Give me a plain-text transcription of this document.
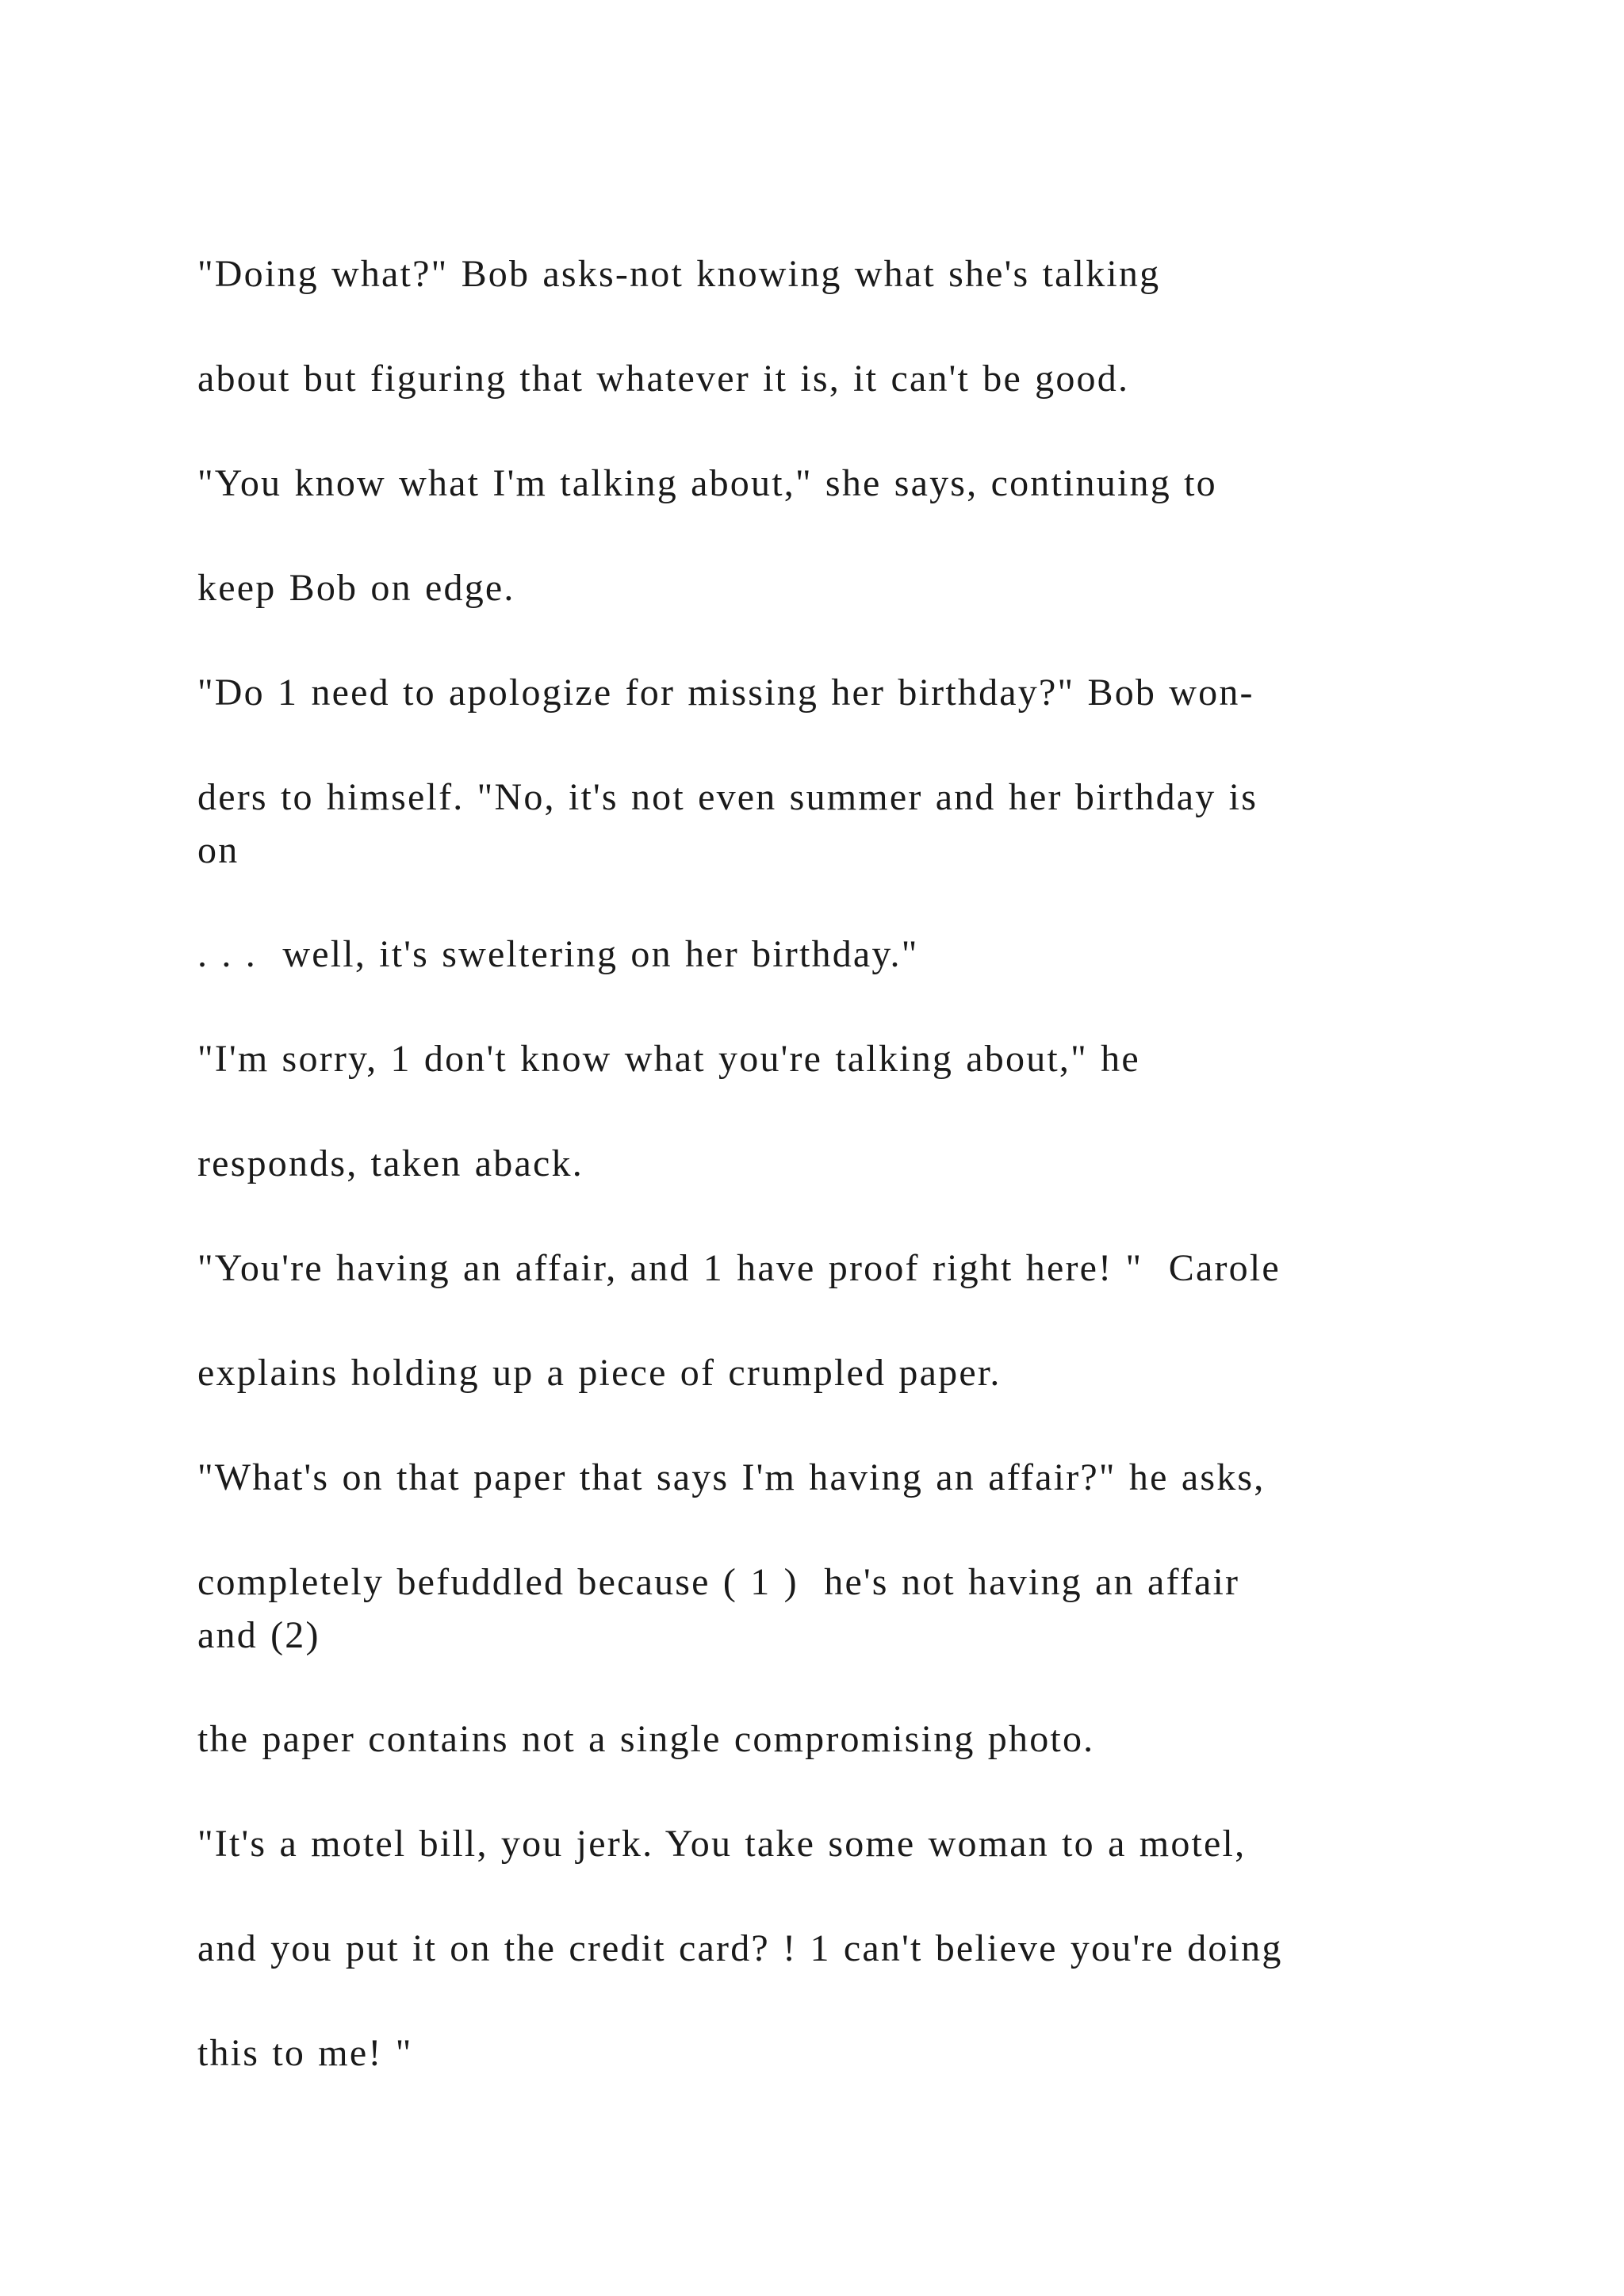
"Doing what?" Bob asks-not knowing what she's talking

about but figuring that whatever it is, it can't be good.

"You know what I'm talking about," she says, continuing to

keep Bob on edge.

"Do 1 need to apologize for missing her birthday?" Bob won-

ders to himself. "No, it's not even summer and her birthday is

on

. . .  well, it's sweltering on her birthday."

"I'm sorry, 1 don't know what you're talking about," he

responds, taken aback.

"You're having an affair, and 1 have proof right here! "  Carole

explains holding up a piece of crumpled paper.

"What's on that paper that says I'm having an affair?" he asks,

completely befuddled because ( 1 )  he's not having an affair

and (2)

the paper contains not a single compromising photo.

"It's a motel bill, you jerk. You take some woman to a motel,

and you put it on the credit card? ! 1 can't believe you're doing

this to me! "
